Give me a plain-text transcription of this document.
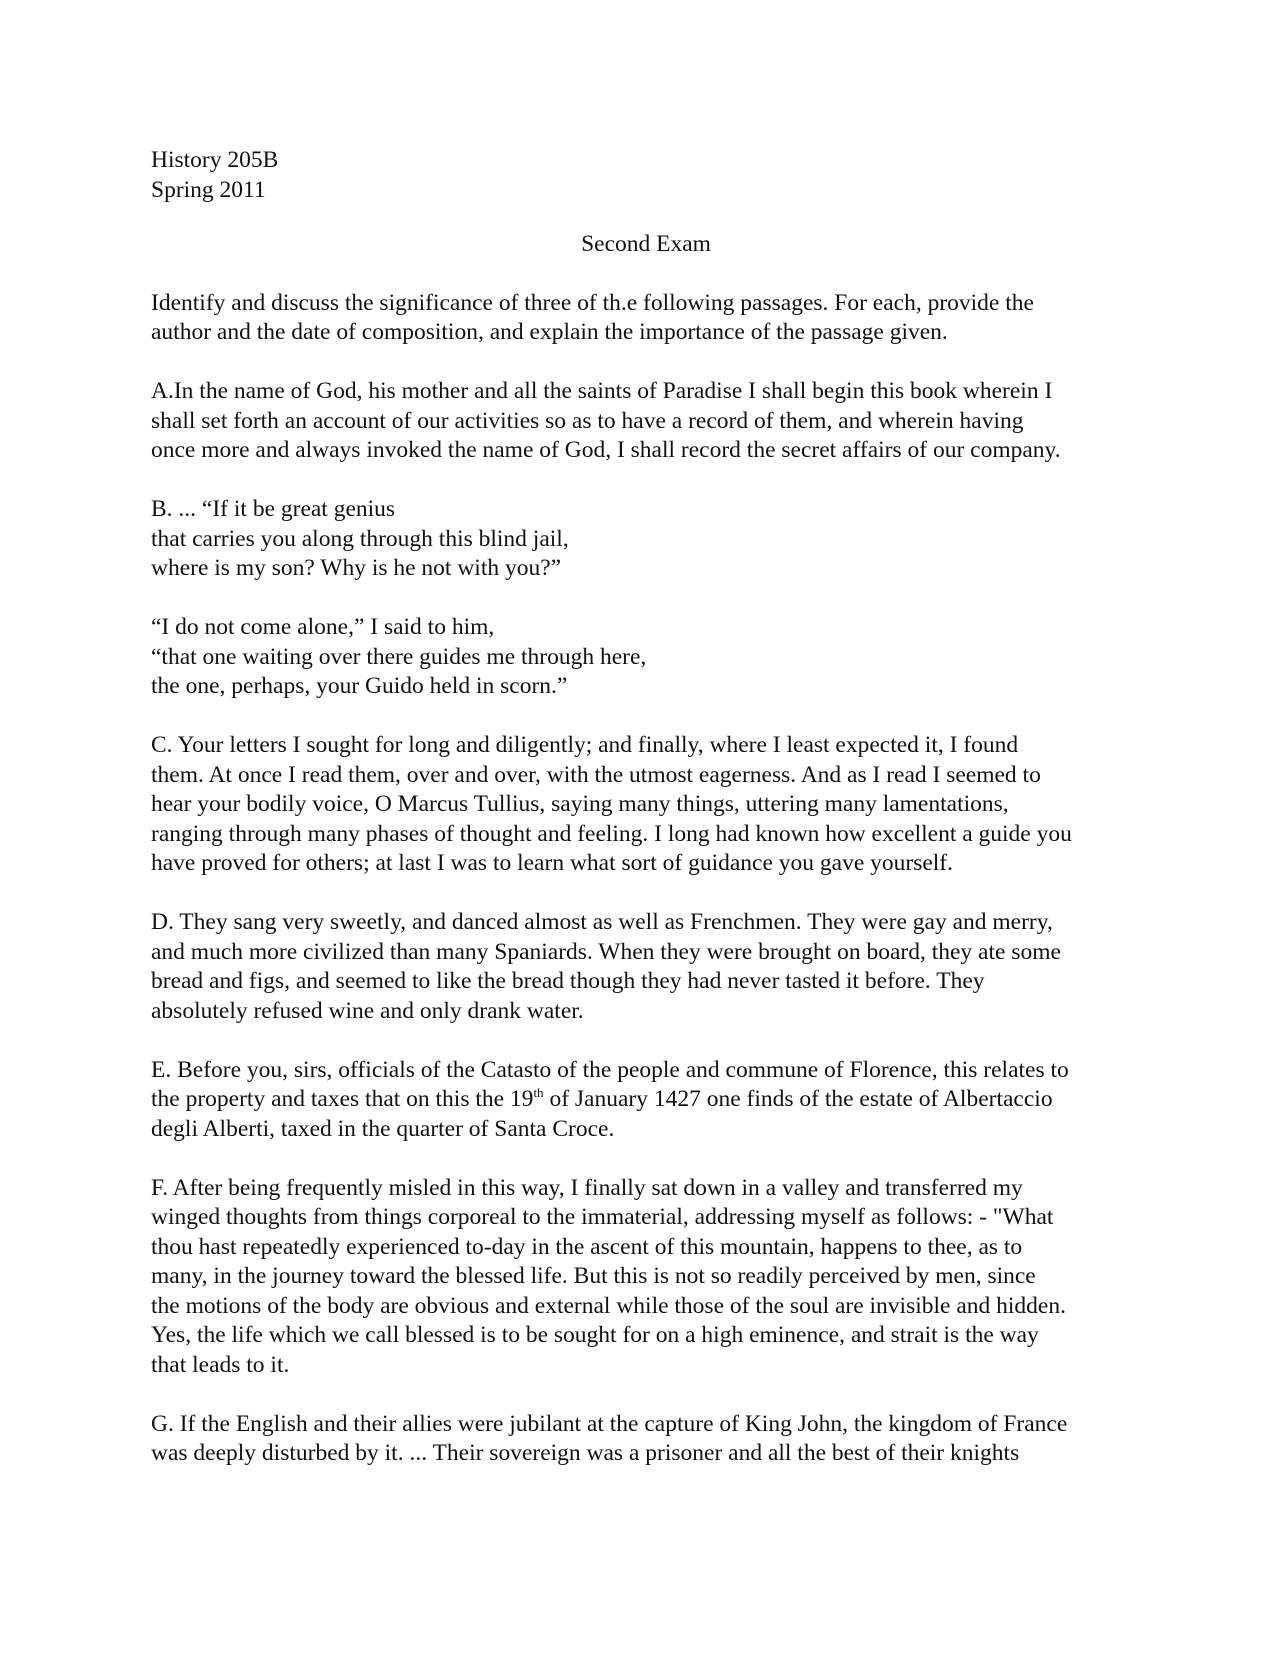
History 205B
Spring 2011
Second Exam
Identify and discuss the significance of three of th.e following passages. For each, provide the
author and the date of composition, and explain the importance of the passage given.
A.In the name of God, his mother and all the saints of Paradise I shall begin this book wherein I
shall set forth an account of our activities so as to have a record of them, and wherein having
once more and always invoked the name of God, I shall record the secret affairs of our company.
B. ... “If it be great genius
that carries you along through this blind jail,
where is my son? Why is he not with you?”
“I do not come alone,” I said to him,
“that one waiting over there guides me through here,
the one, perhaps, your Guido held in scorn.”
C. Your letters I sought for long and diligently; and finally, where I least expected it, I found
them. At once I read them, over and over, with the utmost eagerness. And as I read I seemed to
hear your bodily voice, O Marcus Tullius, saying many things, uttering many lamentations,
ranging through many phases of thought and feeling. I long had known how excellent a guide you
have proved for others; at last I was to learn what sort of guidance you gave yourself.
D. They sang very sweetly, and danced almost as well as Frenchmen. They were gay and merry,
and much more civilized than many Spaniards. When they were brought on board, they ate some
bread and figs, and seemed to like the bread though they had never tasted it before. They
absolutely refused wine and only drank water.
E. Before you, sirs, officials of the Catasto of the people and commune of Florence, this relates to
the property and taxes that on this the 19th of January 1427 one finds of the estate of Albertaccio
degli Alberti, taxed in the quarter of Santa Croce.
F. After being frequently misled in this way, I finally sat down in a valley and transferred my
winged thoughts from things corporeal to the immaterial, addressing myself as follows: - "What
thou hast repeatedly experienced to-day in the ascent of this mountain, happens to thee, as to
many, in the journey toward the blessed life. But this is not so readily perceived by men, since
the motions of the body are obvious and external while those of the soul are invisible and hidden.
Yes, the life which we call blessed is to be sought for on a high eminence, and strait is the way
that leads to it.
G. If the English and their allies were jubilant at the capture of King John, the kingdom of France
was deeply disturbed by it. ... Their sovereign was a prisoner and all the best of their knights
